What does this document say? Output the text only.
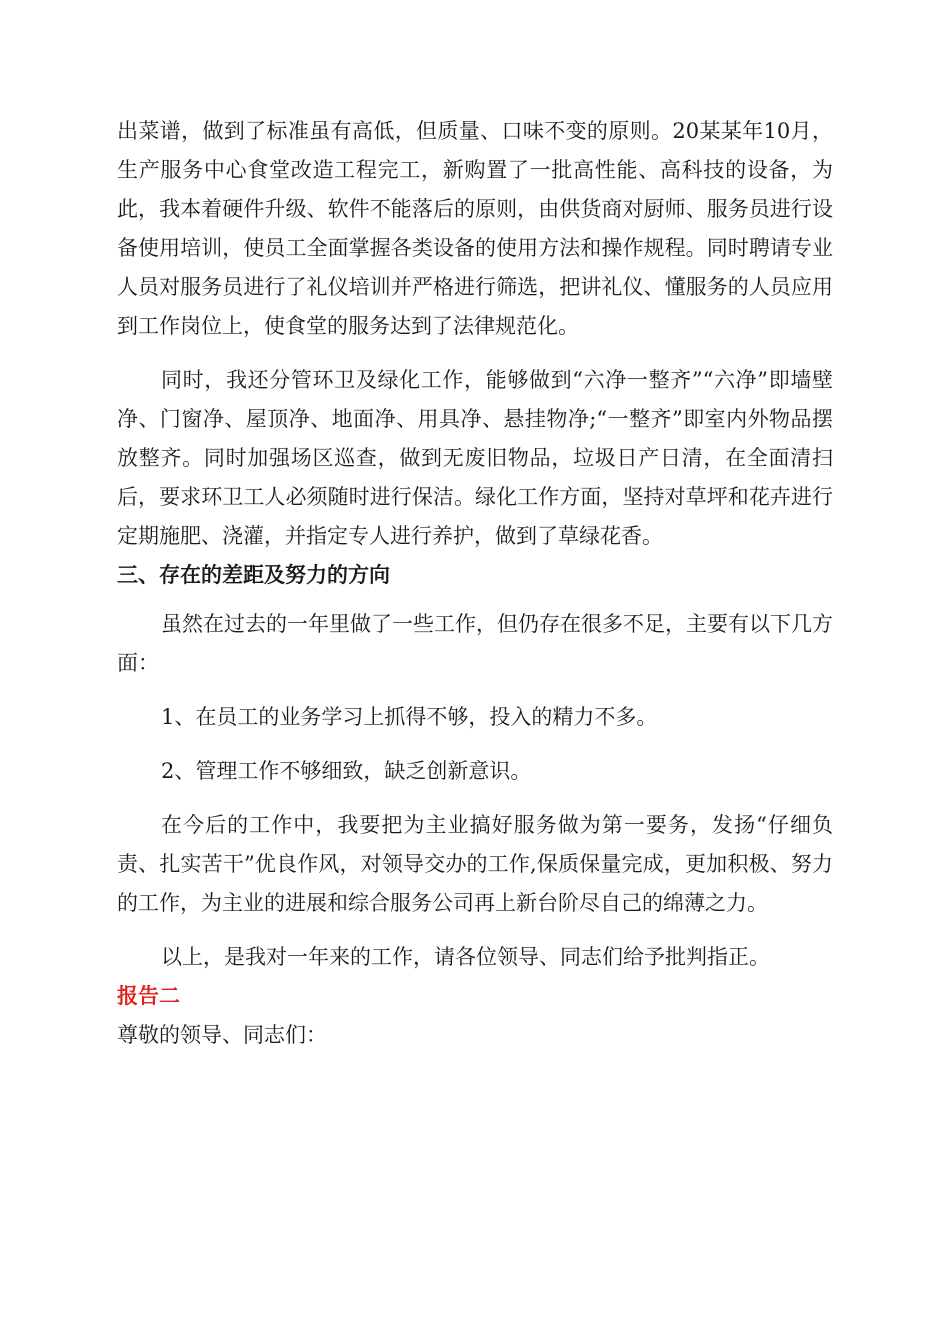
出菜谱，做到了标准虽有高低，但质量、口味不变的原则。20某某年10月，生产服务中心食堂改造工程完工，新购置了一批高性能、高科技的设备，为此，我本着硬件升级、软件不能落后的原则，由供货商对厨师、服务员进行设备使用培训，使员工全面掌握各类设备的使用方法和操作规程。同时聘请专业人员对服务员进行了礼仪培训并严格进行筛选，把讲礼仪、懂服务的人员应用到工作岗位上，使食堂的服务达到了法律规范化。

同时，我还分管环卫及绿化工作，能够做到“六净一整齐”“六净”即墙壁净、门窗净、屋顶净、地面净、用具净、悬挂物净;“一整齐”即室内外物品摆放整齐。同时加强场区巡查，做到无废旧物品，垃圾日产日清，在全面清扫后，要求环卫工人必须随时进行保洁。绿化工作方面，坚持对草坪和花卉进行定期施肥、浇灌，并指定专人进行养护，做到了草绿花香。

三、存在的差距及努力的方向

虽然在过去的一年里做了一些工作，但仍存在很多不足，主要有以下几方面：

1、在员工的业务学习上抓得不够，投入的精力不多。

2、管理工作不够细致，缺乏创新意识。

在今后的工作中，我要把为主业搞好服务做为第一要务，发扬“仔细负责、扎实苦干”优良作风，对领导交办的工作,保质保量完成，更加积极、努力的工作，为主业的进展和综合服务公司再上新台阶尽自己的绵薄之力。

以上，是我对一年来的工作，请各位领导、同志们给予批判指正。

报告二

尊敬的领导、同志们：
